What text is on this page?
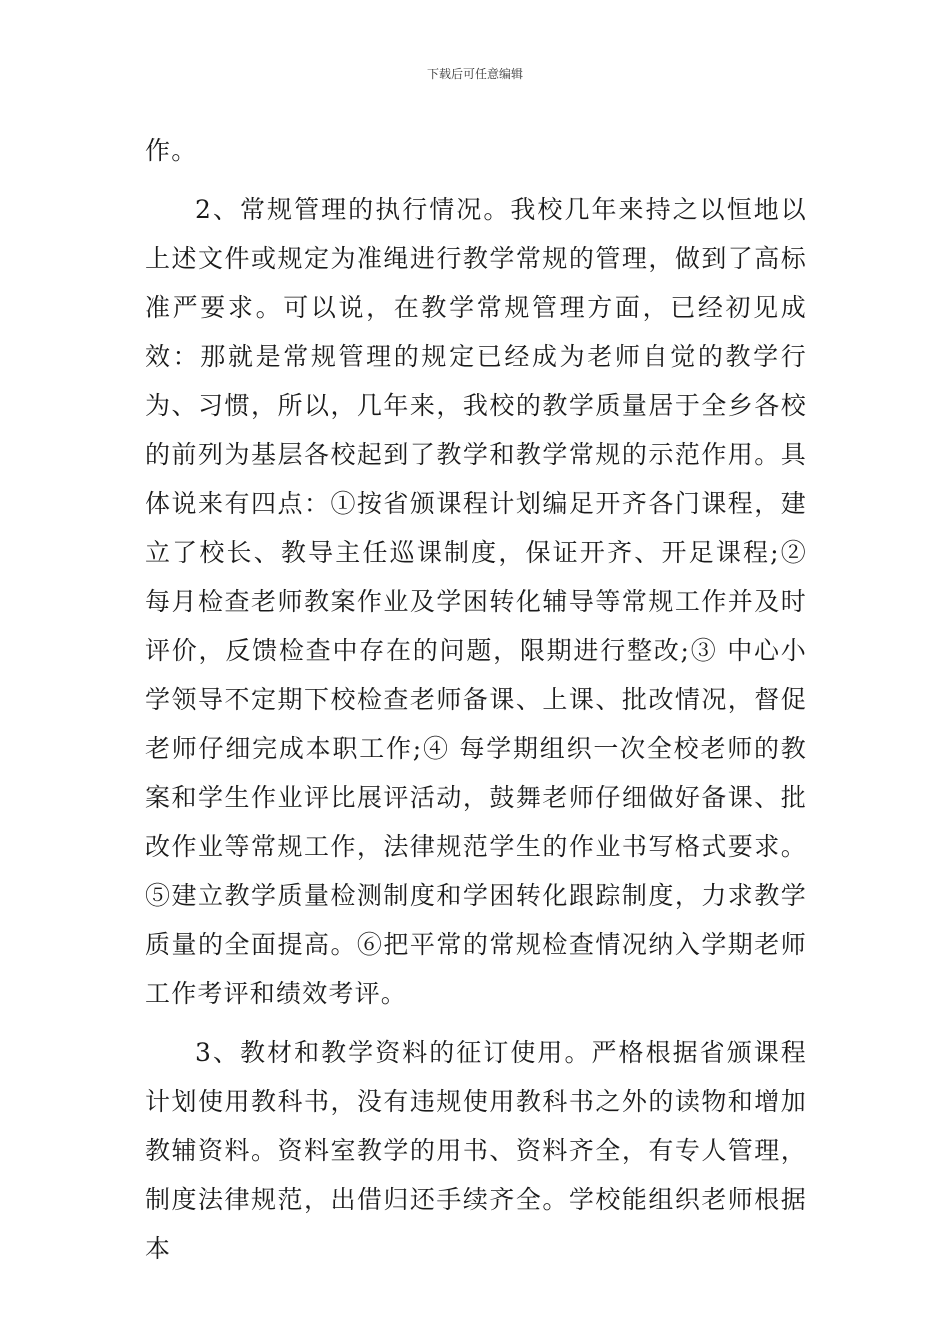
下载后可任意编辑

作。

2、常规管理的执行情况。我校几年来持之以恒地以上述文件或规定为准绳进行教学常规的管理，做到了高标准严要求。可以说，在教学常规管理方面，已经初见成效：那就是常规管理的规定已经成为老师自觉的教学行为、习惯，所以，几年来，我校的教学质量居于全乡各校的前列为基层各校起到了教学和教学常规的示范作用。具体说来有四点：①按省颁课程计划编足开齐各门课程，建立了校长、教导主任巡课制度，保证开齐、开足课程;② 每月检查老师教案作业及学困转化辅导等常规工作并及时评价，反馈检查中存在的问题，限期进行整改;③ 中心小学领导不定期下校检查老师备课、上课、批改情况，督促老师仔细完成本职工作;④ 每学期组织一次全校老师的教案和学生作业评比展评活动，鼓舞老师仔细做好备课、批改作业等常规工作，法律规范学生的作业书写格式要求。⑤建立教学质量检测制度和学困转化跟踪制度，力求教学质量的全面提高。⑥把平常的常规检查情况纳入学期老师工作考评和绩效考评。

3、教材和教学资料的征订使用。严格根据省颁课程计划使用教科书，没有违规使用教科书之外的读物和增加教辅资料。资料室教学的用书、资料齐全，有专人管理，制度法律规范，出借归还手续齐全。学校能组织老师根据本
